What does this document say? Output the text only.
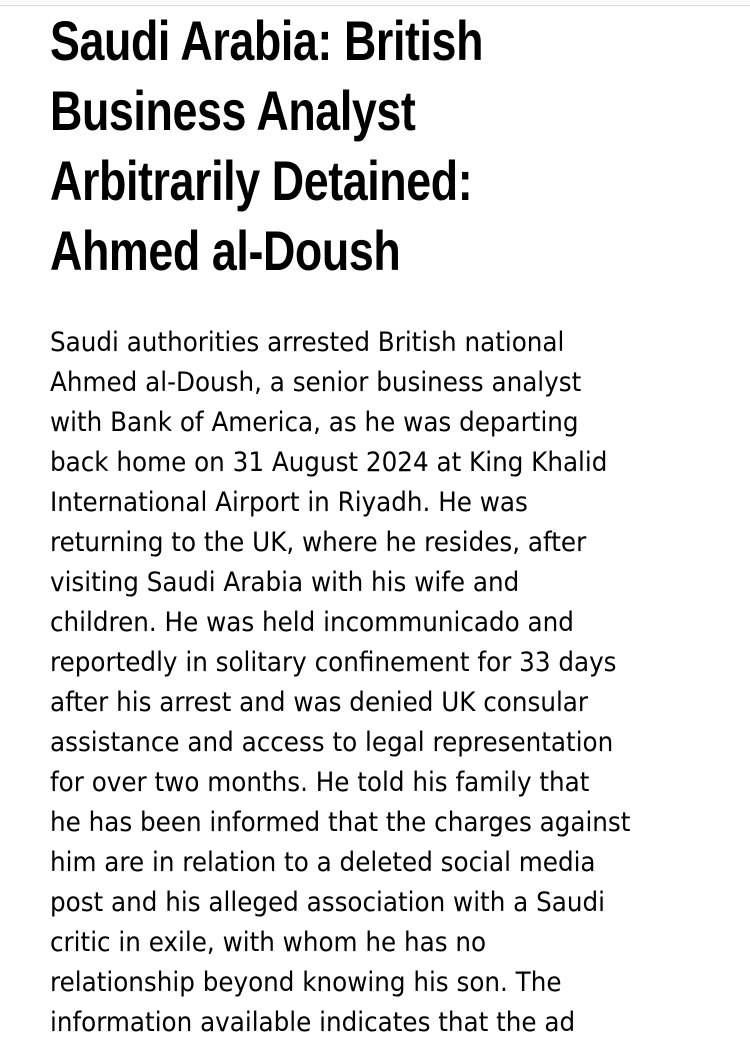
Saudi Arabia: British
Business Analyst
Arbitrarily Detained:
Ahmed al-Doush
Saudi authorities arrested British national
Ahmed al-Doush, a senior business analyst
with Bank of America, as he was departing
back home on 31 August 2024 at King Khalid
International Airport in Riyadh. He was
returning to the UK, where he resides, after
visiting Saudi Arabia with his wife and
children. He was held incommunicado and
reportedly in solitary confinement for 33 days
after his arrest and was denied UK consular
assistance and access to legal representation
for over two months. He told his family that
he has been informed that the charges against
him are in relation to a deleted social media
post and his alleged association with a Saudi
critic in exile, with whom he has no
relationship beyond knowing his son. The
information available indicates that the ad
